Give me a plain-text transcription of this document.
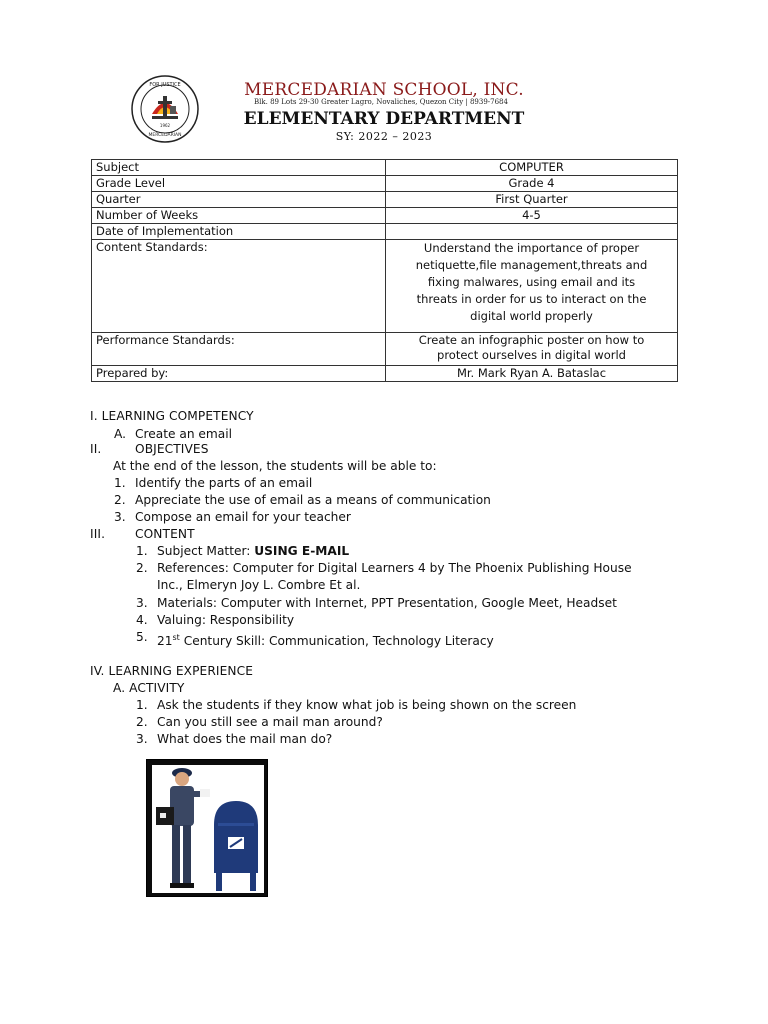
FOR JUSTICE
MERCEDARIAN
1962
MERCEDARIAN SCHOOL, INC.
Blk. 89 Lots 29-30 Greater Lagro, Novaliches, Quezon City | 8939-7684
ELEMENTARY DEPARTMENT
SY: 2022 – 2023
Subject	COMPUTER
Grade Level	Grade 4
Quarter	First Quarter
Number of Weeks	4-5
Date of Implementation	
Content Standards:	Understand the importance of proper
netiquette,file management,threats and
fixing malwares, using email and its
threats in order for us to interact on the
digital world properly

Performance Standards:	Create an infographic poster on how to
protect ourselves in digital world

Prepared by:	Mr. Mark Ryan A. Bataslac
I. LEARNING COMPETENCY
A. Create an email
II.	OBJECTIVES
At the end of the lesson, the students will be able to:
1. Identify the parts of an email
2. Appreciate the use of email as a means of communication
3. Compose an email for your teacher
III. CONTENT
1. Subject Matter: USING E-MAIL
2. References: Computer for Digital Learners 4 by The Phoenix Publishing House
Inc., Elmeryn Joy L. Combre Et al.
3. Materials: Computer with Internet, PPT Presentation, Google Meet, Headset
4. Valuing: Responsibility
5. 21st Century Skill: Communication, Technology Literacy
IV. LEARNING EXPERIENCE
A. ACTIVITY
1. Ask the students if they know what job is being shown on the screen
2. Can you still see a mail man around?
3. What does the mail man do?
